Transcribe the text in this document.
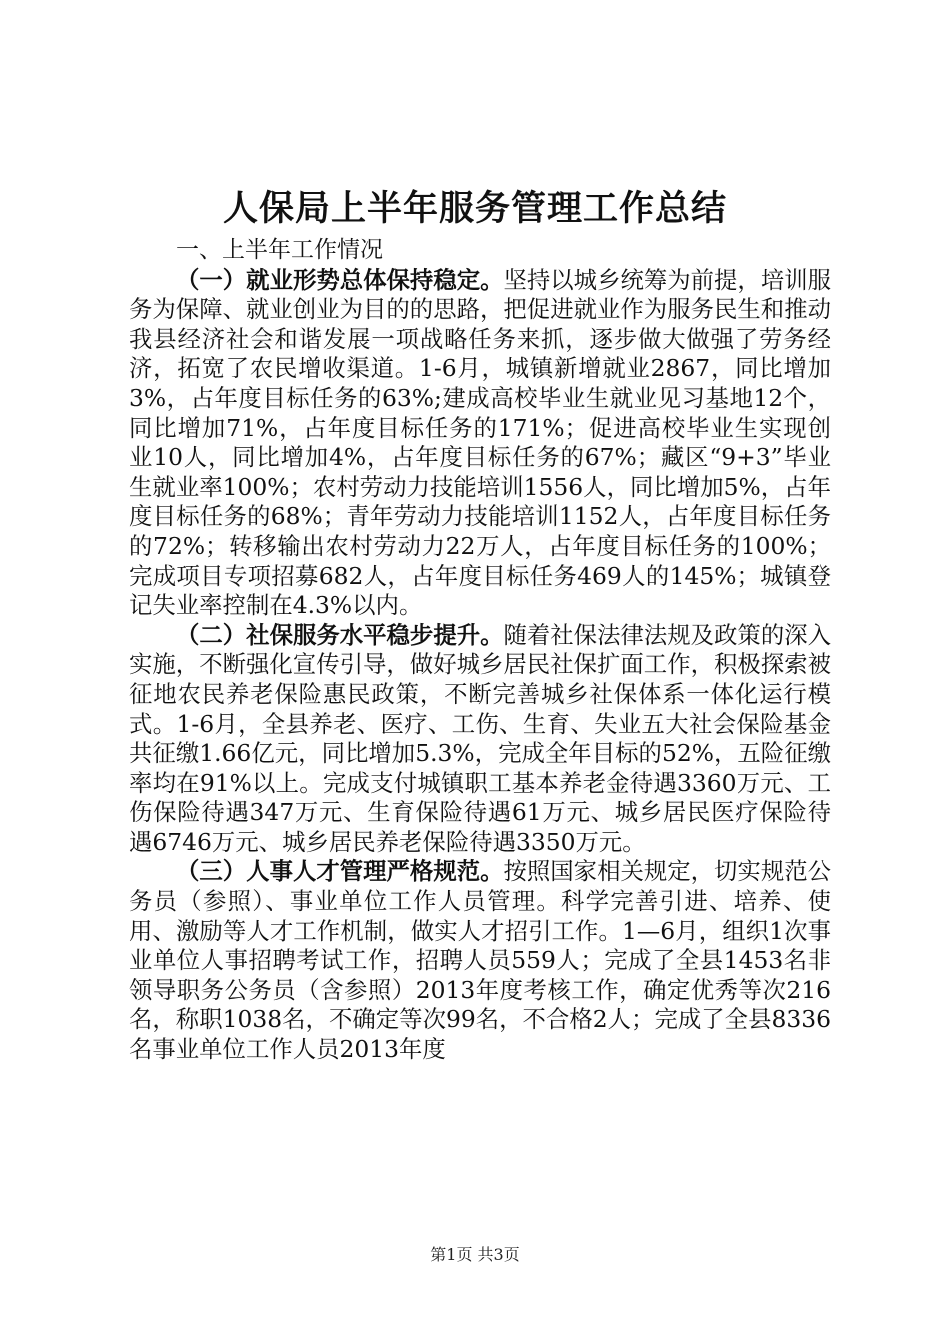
人保局上半年服务管理工作总结

一、上半年工作情况

（一）就业形势总体保持稳定。坚持以城乡统筹为前提，培训服务为保障、就业创业为目的的思路，把促进就业作为服务民生和推动我县经济社会和谐发展一项战略任务来抓，逐步做大做强了劳务经济，拓宽了农民增收渠道。1-6月，城镇新增就业2867，同比增加3%，占年度目标任务的63%;建成高校毕业生就业见习基地12个，同比增加71%，占年度目标任务的171%；促进高校毕业生实现创业10人，同比增加4%，占年度目标任务的67%；藏区“9+3”毕业生就业率100%；农村劳动力技能培训1556人，同比增加5%，占年度目标任务的68%；青年劳动力技能培训1152人，占年度目标任务的72%；转移输出农村劳动力22万人，占年度目标任务的100%；完成项目专项招募682人，占年度目标任务469人的145%；城镇登记失业率控制在4.3%以内。

（二）社保服务水平稳步提升。随着社保法律法规及政策的深入实施，不断强化宣传引导，做好城乡居民社保扩面工作，积极探索被征地农民养老保险惠民政策，不断完善城乡社保体系一体化运行模式。1-6月，全县养老、医疗、工伤、生育、失业五大社会保险基金共征缴1.66亿元，同比增加5.3%，完成全年目标的52%，五险征缴率均在91%以上。完成支付城镇职工基本养老金待遇3360万元、工伤保险待遇347万元、生育保险待遇61万元、城乡居民医疗保险待遇6746万元、城乡居民养老保险待遇3350万元。

（三）人事人才管理严格规范。按照国家相关规定，切实规范公务员（参照）、事业单位工作人员管理。科学完善引进、培养、使用、激励等人才工作机制，做实人才招引工作。1—6月，组织1次事业单位人事招聘考试工作，招聘人员559人；完成了全县1453名非领导职务公务员（含参照）2013年度考核工作，确定优秀等次216名，称职1038名，不确定等次99名，不合格2人；完成了全县8336名事业单位工作人员2013年度

第1页 共3页
